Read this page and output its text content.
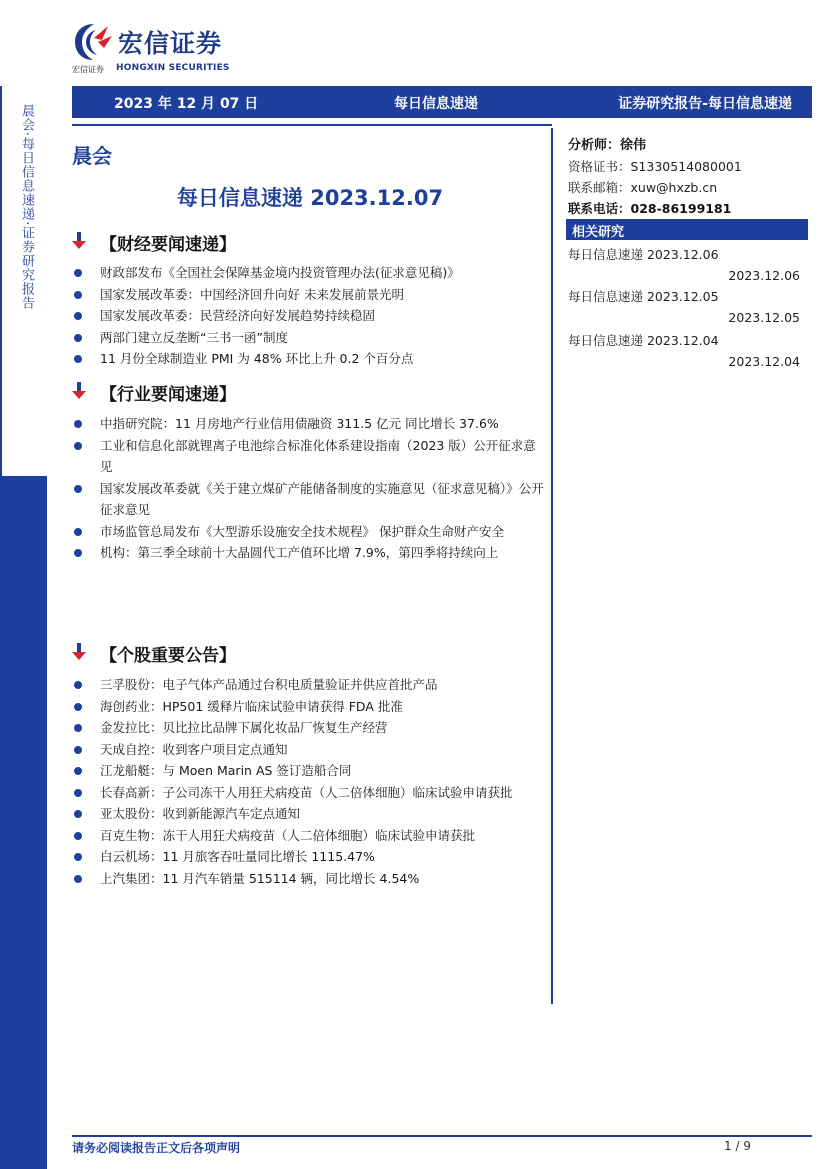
宏信证券
宏信证券 HONGXIN SECURITIES
晨会·每日信息速递·证券研究报告	2023 年 12 月 07 日	每日信息速递	证券研究报告-每日信息速递
晨会
每日信息速递 2023.12.07
【财经要闻速递】
财政部发布《全国社会保障基金境内投资管理办法(征求意见稿)》
国家发展改革委：中国经济回升向好 未来发展前景光明
国家发展改革委：民营经济向好发展趋势持续稳固
两部门建立反垄断“三书一函”制度
11 月份全球制造业 PMI 为 48% 环比上升 0.2 个百分点
【行业要闻速递】
中指研究院：11 月房地产行业信用债融资 311.5 亿元 同比增长 37.6%
工业和信息化部就锂离子电池综合标准化体系建设指南（2023 版）公开征求意见
国家发展改革委就《关于建立煤矿产能储备制度的实施意见（征求意见稿）》公开征求意见
市场监管总局发布《大型游乐设施安全技术规程》 保护群众生命财产安全
机构：第三季全球前十大晶圆代工产值环比增 7.9%，第四季将持续向上
【个股重要公告】
三孚股份：电子气体产品通过台积电质量验证并供应首批产品
海创药业：HP501 缓释片临床试验申请获得 FDA 批准
金发拉比：贝比拉比品牌下属化妆品厂恢复生产经营
天成自控：收到客户项目定点通知
江龙船艇：与 Moen Marin AS 签订造船合同
长春高新：子公司冻干人用狂犬病疫苗（人二倍体细胞）临床试验申请获批
亚太股份：收到新能源汽车定点通知
百克生物：冻干人用狂犬病疫苗（人二倍体细胞）临床试验申请获批
白云机场：11 月旅客吞吐量同比增长 1115.47%
上汽集团：11 月汽车销量 515114 辆，同比增长 4.54%
分析师：徐伟
资格证书：S1330514080001
联系邮箱：xuw@hxzb.cn
联系电话：028-86199181
相关研究
每日信息速递 2023.12.06
2023.12.06
每日信息速递 2023.12.05
2023.12.05
每日信息速递 2023.12.04
2023.12.04
请务必阅读报告正文后各项声明	1 / 9
